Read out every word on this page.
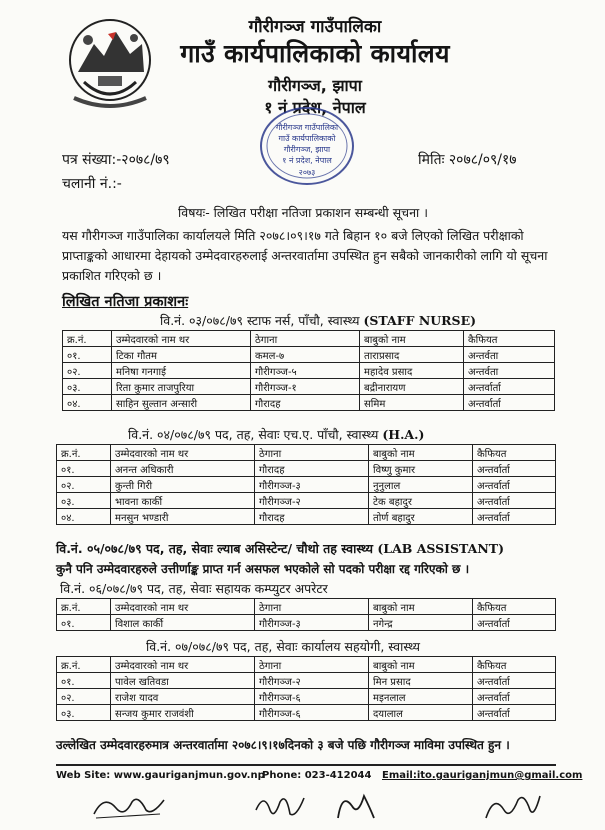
गौरीगञ्ज गाउँपालिका
गाउँ कार्यपालिकाको कार्यालय
गौरीगञ्ज, झापा
१ नं प्रदेश, नेपाल
गौरीगञ्ज गाउँपालिका
गाउँ कार्यपालिकाको
गौरीगञ्ज, झापा
१ नं प्रदेश, नेपाल
२०७३
पत्र संख्या:-२०७८/७९
चलानी नं.:-
मितिः २०७८/०९/१७
विषयः- लिखित परीक्षा नतिजा प्रकाशन सम्बन्धी सूचना ।
यस गौरीगञ्ज गाउँपालिका कार्यालयले मिति २०७८।०९।१७ गते बिहान १० बजे लिएको लिखित परीक्षाको प्राप्ताङ्कको आधारमा देहायको उम्मेदवारहरुलाई अन्तरवार्तामा उपस्थित हुन सबैको जानकारीको लागि यो सूचना प्रकाशित गरिएको छ ।
लिखित नतिजा प्रकाशनः
वि.नं. ०३/०७८/७९ स्टाफ नर्स, पाँचौ, स्वास्थ्य (STAFF NURSE)
क्र.नं.	उम्मेदवारको नाम थर	ठेगाना	बाबुको नाम	कैफियत
०१.	टिका गौतम	कमल-७	ताराप्रसाद	अन्तर्वता
०२.	मनिषा गनगाई	गौरीगञ्ज-५	महादेव प्रसाद	अन्तर्वता
०३.	रिता कुमार ताजपुरिया	गौरीगञ्ज-१	बद्रीनारायण	अन्तर्वार्ता
०४.	साहिन सुल्तान अन्सारी	गौरादह	समिम	अन्तर्वार्ता
वि.नं. ०४/०७८/७९ पद, तह, सेवाः एच.ए. पाँचौ, स्वास्थ्य (H.A.)
क्र.नं.	उम्मेदवारको नाम थर	ठेगाना	बाबुको नाम	कैफियत
०१.	अनन्त अधिकारी	गौरादह	विष्णु कुमार	अन्तर्वार्ता
०२.	कुन्ती गिरी	गौरीगञ्ज-३	नुनुलाल	अन्तर्वार्ता
०३.	भावना कार्की	गौरीगञ्ज-२	टेक बहादुर	अन्तर्वार्ता
०४.	मनसुन भण्डारी	गौरादह	तोर्ण बहादुर	अन्तर्वार्ता
वि.नं. ०५/०७८/७९ पद, तह, सेवाः ल्याब असिस्टेन्ट/ चौथो तह स्वास्थ्य (LAB ASSISTANT)
कुनै पनि उम्मेदवारहरुले उत्तीर्णाङ्क प्राप्त गर्न असफल भएकोले सो पदको परीक्षा रद्द गरिएको छ ।
वि.नं. ०६/०७८/७९ पद, तह, सेवाः सहायक कम्प्युटर अपरेटर
क्र.नं.	उम्मेदवारको नाम थर	ठेगाना	बाबुको नाम	कैफियत
०१.	विशाल कार्की	गौरीगञ्ज-३	नगेन्द्र	अन्तर्वार्ता
वि.नं. ०७/०७८/७९ पद, तह, सेवाः कार्यालय सहयोगी, स्वास्थ्य
क्र.नं.	उम्मेदवारको नाम थर	ठेगाना	बाबुको नाम	कैफियत
०१.	पावेल खतिवडा	गौरीगञ्ज-२	मिन प्रसाद	अन्तर्वार्ता
०२.	राजेश यादव	गौरीगञ्ज-६	मइनलाल	अन्तर्वार्ता
०३.	सन्जय कुमार राजवंशी	गौरीगञ्ज-६	दयालाल	अन्तर्वार्ता
उल्लेखित उम्मेदवारहरुमात्र अन्तरवार्तामा २०७८।९।१७दिनको ३ बजे पछि गौरीगञ्ज मावि‌मा उपस्थित हुन ।
Web Site: www.gauriganjmun.gov.np
Phone: 023-412044 Email:ito.gauriganjmun@gmail.com
